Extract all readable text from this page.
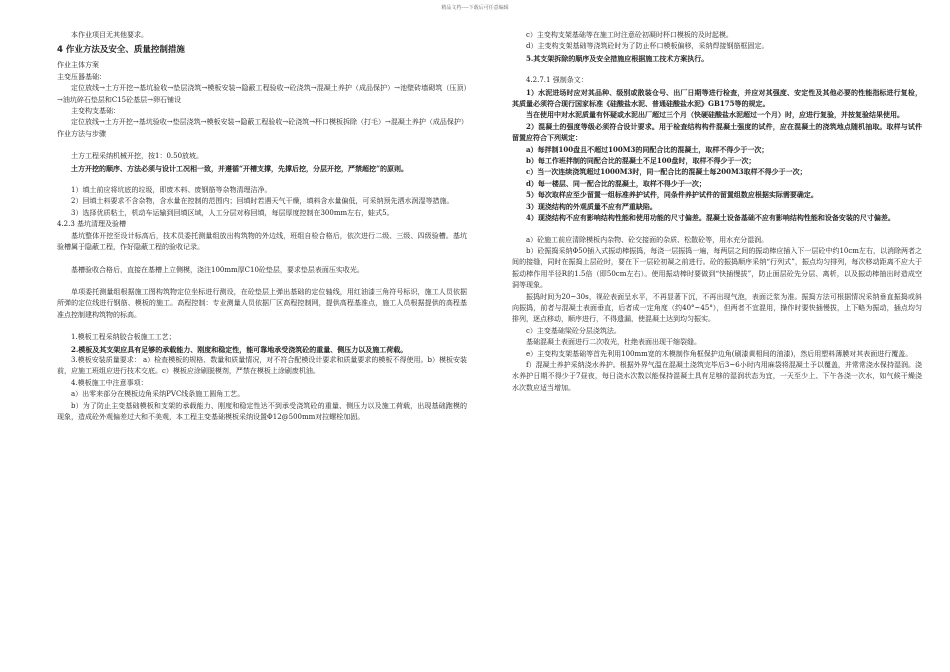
精品文档----下载后可任意编辑

本作业项目无其他要求。

4 作业方法及安全、质量控制措施

作业主体方案

主变压器基础：

定位放线→土方开挖→基坑验收→垫层浇筑→模板安装→隐蔽工程验收→砼浇筑→混凝土养护（成品保护）→池壁砖墙砌筑（压顶）→油坑碎石垫层和C15砼基层→卵石铺设

主变构支基础：

定位放线→土方开挖→基坑验收→垫层浇筑→模板安装→隐蔽工程验收→砼浇筑→杯口模板拆除（打毛）→混凝土养护（成品保护）

作业方法与步骤

土方工程采纳机械开挖，按1：0.50放坡。

土方开挖的顺序、方法必须与设计工况相一致，并遵循“开槽支撑，先撑后挖，分层开挖，严禁超挖”的原则。

1）填土前应将坑底的垃圾，即废木料、废钢筋等杂物清理洁净。

2）回填土料要求不含杂物，含水量在控制的范围内；回填时若遇天气干燥，填料含水量偏低，可采纳预先洒水润湿等措施。

3）选择优质粘土，机动车运输到回填区域，人工分层对称回填，每层厚度控制在300mm左右，蛙式5。

4.2.3 基坑清理及验槽

基坑整体开挖至设计标高后，技术员委托测量组放出构筑物的外边线，班组自检合格后，依次进行二级、三级、四级验槽。基坑验槽属于隐蔽工程，作好隐蔽工程的验收记录。

基槽验收合格后，直接在基槽上立侧模，浇注100mm厚C10砼垫层，要求垫层表面压实收光。

单项委托测量组根据施工图构筑物定位坐标进行测设，在砼垫层上弹出基础的定位轴线，用红油漆三角符号标识，施工人员依据所弹的定位线进行钢筋、模板的施工。高程控制：专业测量人员依据厂区高程控制网，提供高程基准点，施工人员根据提供的高程基准点控制建构筑物的标高。

1.模板工程采纳胶合板施工工艺；

2.模板及其支架应具有足够的承载能力、刚度和稳定性，能可靠地承受浇筑砼的重量、侧压力以及施工荷载。

3.模板安装质量要求： a）检查模板的规格、数量和质量情况，对不符合配模设计要求和质量要求的模板不得使用。b）模板安装前，应施工班组应进行技术交底。c）模板应涂刷脱模剂，严禁在模板上涂刷废机油。

4.模板施工中注意事项：

a）出零来部分在模板边角采纳PVC线条施工圆角工艺。

b）为了防止主变基础模板和支架的承载能力、刚度和稳定性达不到承受浇筑砼的重量、侧压力以及施工荷载，出现基础跑模的现象，造成砼外观偏差过大和不美观，本工程主变基础模板采纳设置Φ12@500mm对拉螺栓加固。

c）主变构支架基础等在施工时注意砼初凝时杯口模板的及时起模。

d）主变构支架基础等浇筑砼时为了防止杯口模板偏移，采纳焊接钢筋框固定。

5.其支架拆除的顺序及安全措施应根据施工技术方案执行。

4.2.7.1 强制条文：

1）水泥进场时应对其品种、级别或散装仓号、出厂日期等进行检查，并应对其强度、安定性及其他必要的性能指标进行复检，其质量必须符合现行国家标准《硅酸盐水泥、普通硅酸盐水泥》GB175等的规定。

当在使用中对水泥质量有怀疑或水泥出厂超过三个月（快硬硅酸盐水泥超过一个月）时，应进行复验，并按复验结果使用。

2）混凝土的强度等级必须符合设计要求。用于检查结构构件混凝土强度的试件，应在混凝土的浇筑地点随机抽取。取样与试件留置应符合下列规定：

a）每拌制100盘且不超过100M3的同配合比的混凝土，取样不得少于一次；

b）每工作班拌制的同配合比的混凝土不足100盘时，取样不得少于一次；

c）当一次连续浇筑超过1000M3时，同一配合比的混凝土每200M3取样不得少于一次；

d）每一楼层、同一配合比的混凝土，取样不得少于一次；

5）每次取样应至少留置一组标准养护试件，同条件养护试件的留置组数应根据实际需要确定。

3）现浇结构的外观质量不应有严重缺陷。

4）现浇结构不应有影响结构性能和使用功能的尺寸偏差。混凝土设备基础不应有影响结构性能和设备安装的尺寸偏差。

a）砼施工前应清除模板内杂物、砼交接面的杂质、松散砼等，用水充分湿润。

b）砼振捣采纳Φ50插入式振动棒振捣，每浇一层振捣一遍，每两层之间的振动棒应插入下一层砼中约10cm左右，以消除两者之间的接缝，同时在振捣上层砼时，要在下一层砼初凝之前进行。砼的振捣顺序采纳“行列式”，振点均匀排列，每次移动距离不应大于振动棒作用半径R的1.5倍（即50cm左右）。使用振动棒时要做到“快插慢拔”，防止面层砼先分层、离析，以及振动棒抽出时造成空洞等现象。

振捣时间为20~30s，视砼表面呈水平，不再显著下沉，不再出现气泡，表面泛浆为准。振捣方法可根据情况采纳垂直振捣或斜向振捣，前者与混凝土表面垂直，后者成一定角度（约40°~45°），但两者不宜混用，操作时要快插慢拔，上下略为振动，插点均匀排列，逐点移动，顺序进行，不得遗漏，使混凝土达到均匀振实。

c）主变基础梁砼分层浇筑法。

基础混凝土表面进行二次收光，杜绝表面出现干缩裂缝。

e）主变构支架基础等首先利用100mm宽的木模制作角框保护边角(刷漆黄相间的油漆)，然后用塑料薄膜对其表面进行覆盖。

f）混凝土养护采纳浇水养护。根据外界气温在混凝土浇筑完毕后3~6小时内用麻袋将混凝土予以覆盖，并常常浇水保持湿润。浇水养护日期不得少于7昼夜，每日浇水次数以能保持混凝土具有足够的湿润状态为宜，一天至少上、下午各浇一次水，如气候干燥浇水次数应适当增加。
